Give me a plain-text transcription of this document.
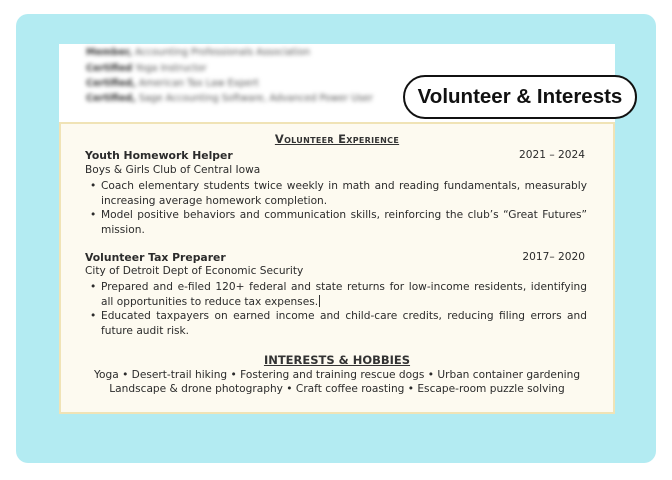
Member, Accounting Professionals Association
Certified Yoga Instructor
Certified, American Tax Law Expert
Certified, Sage Accounting Software, Advanced Power User	Volunteer & Interests
Volunteer Experience
Youth Homework Helper	2021 – 2024
Boys & Girls Club of Central Iowa
• Coach elementary students twice weekly in math and reading fundamentals, measurably increasing average homework completion.
• Model positive behaviors and communication skills, reinforcing the club’s “Great Futures” mission.
Volunteer Tax Preparer	2017– 2020
City of Detroit Dept of Economic Security
• Prepared and e-filed 120+ federal and state returns for low-income residents, identifying all opportunities to reduce tax expenses.
• Educated taxpayers on earned income and child-care credits, reducing filing errors and future audit risk.
INTERESTS & HOBBIES
Yoga • Desert-trail hiking • Fostering and training rescue dogs • Urban container gardening
Landscape & drone photography • Craft coffee roasting • Escape-room puzzle solving
